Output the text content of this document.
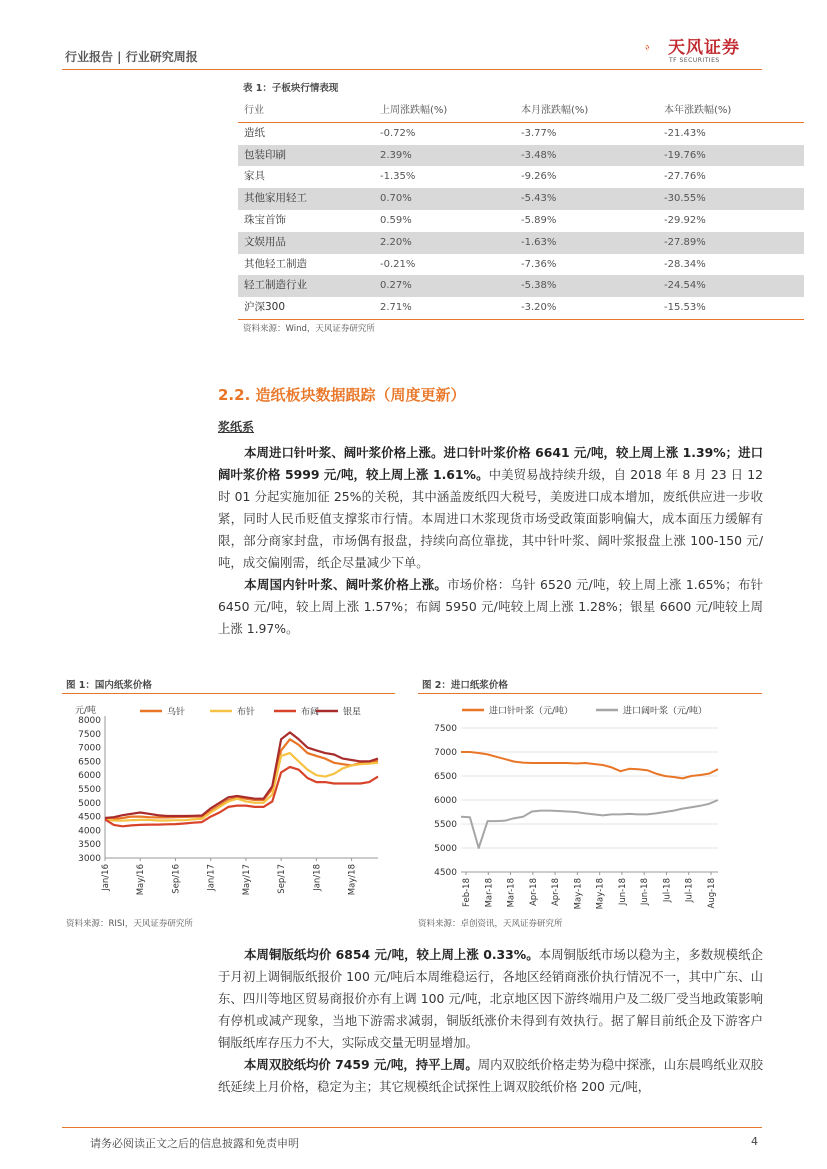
行业报告 | 行业研究周报	天风证券
TF SECURITIES
表 1：子板块行情表现
行业	上周涨跌幅(%)	本月涨跌幅(%)	本年涨跌幅(%)
造纸	-0.72%	-3.77%	-21.43%
包装印刷	2.39%	-3.48%	-19.76%
家具	-1.35%	-9.26%	-27.76%
其他家用轻工	0.70%	-5.43%	-30.55%
珠宝首饰	0.59%	-5.89%	-29.92%
文娱用品	2.20%	-1.63%	-27.89%
其他轻工制造	-0.21%	-7.36%	-28.34%
轻工制造行业	0.27%	-5.38%	-24.54%
沪深300	2.71%	-3.20%	-15.53%
资料来源：Wind，天风证券研究所
2.2. 造纸板块数据跟踪（周度更新）
浆纸系
本周进口针叶浆、阔叶浆价格上涨。进口针叶浆价格 6641 元/吨，较上周上涨 1.39%；进口阔叶浆价格 5999 元/吨，较上周上涨 1.61%。中美贸易战持续升级，自 2018 年 8 月 23 日 12 时 01 分起实施加征 25%的关税，其中涵盖废纸四大税号，美废进口成本增加，废纸供应进一步收紧，同时人民币贬值支撑浆市行情。本周进口木浆现货市场受政策面影响偏大，成本面压力缓解有限，部分商家封盘，市场偶有报盘，持续向高位靠拢，其中针叶浆、阔叶浆报盘上涨 100-150 元/吨，成交偏刚需，纸企尽量减少下单。
本周国内针叶浆、阔叶浆价格上涨。市场价格：乌针 6520 元/吨，较上周上涨 1.65%；布针 6450 元/吨，较上周上涨 1.57%；布阔 5950 元/吨较上周上涨 1.28%；银星 6600 元/吨较上周上涨 1.97%。
图 1：国内纸浆价格
元/吨
8000
7500
7000
6500
6000
5500
5000
4500
4000
3500
3000
Jan/16	May/16	Sep/16	Jan/17	May/17	Sep/17	Jan/18	May/18
乌针	布针	布阔	银星
资料来源：RISI，天风证券研究所
图 2：进口纸浆价格
7500
7000
6500
6000
5500
5000
4500
Feb-18 Mar-18 Mar-18 Apr-18 Apr-18 May-18 May-18 Jun-18 Jun-18 Jul-18 Jul-18 Aug-18
进口针叶浆（元/吨）	进口阔叶浆（元/吨）
资料来源：卓创资讯，天风证券研究所
本周铜版纸均价 6854 元/吨，较上周上涨 0.33%。本周铜版纸市场以稳为主，多数规模纸企于月初上调铜版纸报价 100 元/吨后本周维稳运行，各地区经销商涨价执行情况不一，其中广东、山东、四川等地区贸易商报价亦有上调 100 元/吨，北京地区因下游终端用户及二级厂受当地政策影响有停机或减产现象，当地下游需求减弱，铜版纸涨价未得到有效执行。据了解目前纸企及下游客户铜版纸库存压力不大，实际成交量无明显增加。
本周双胶纸均价 7459 元/吨，持平上周。周内双胶纸价格走势为稳中探涨，山东晨鸣纸业双胶纸延续上月价格，稳定为主；其它规模纸企试探性上调双胶纸价格 200 元/吨，
请务必阅读正文之后的信息披露和免责申明	4
